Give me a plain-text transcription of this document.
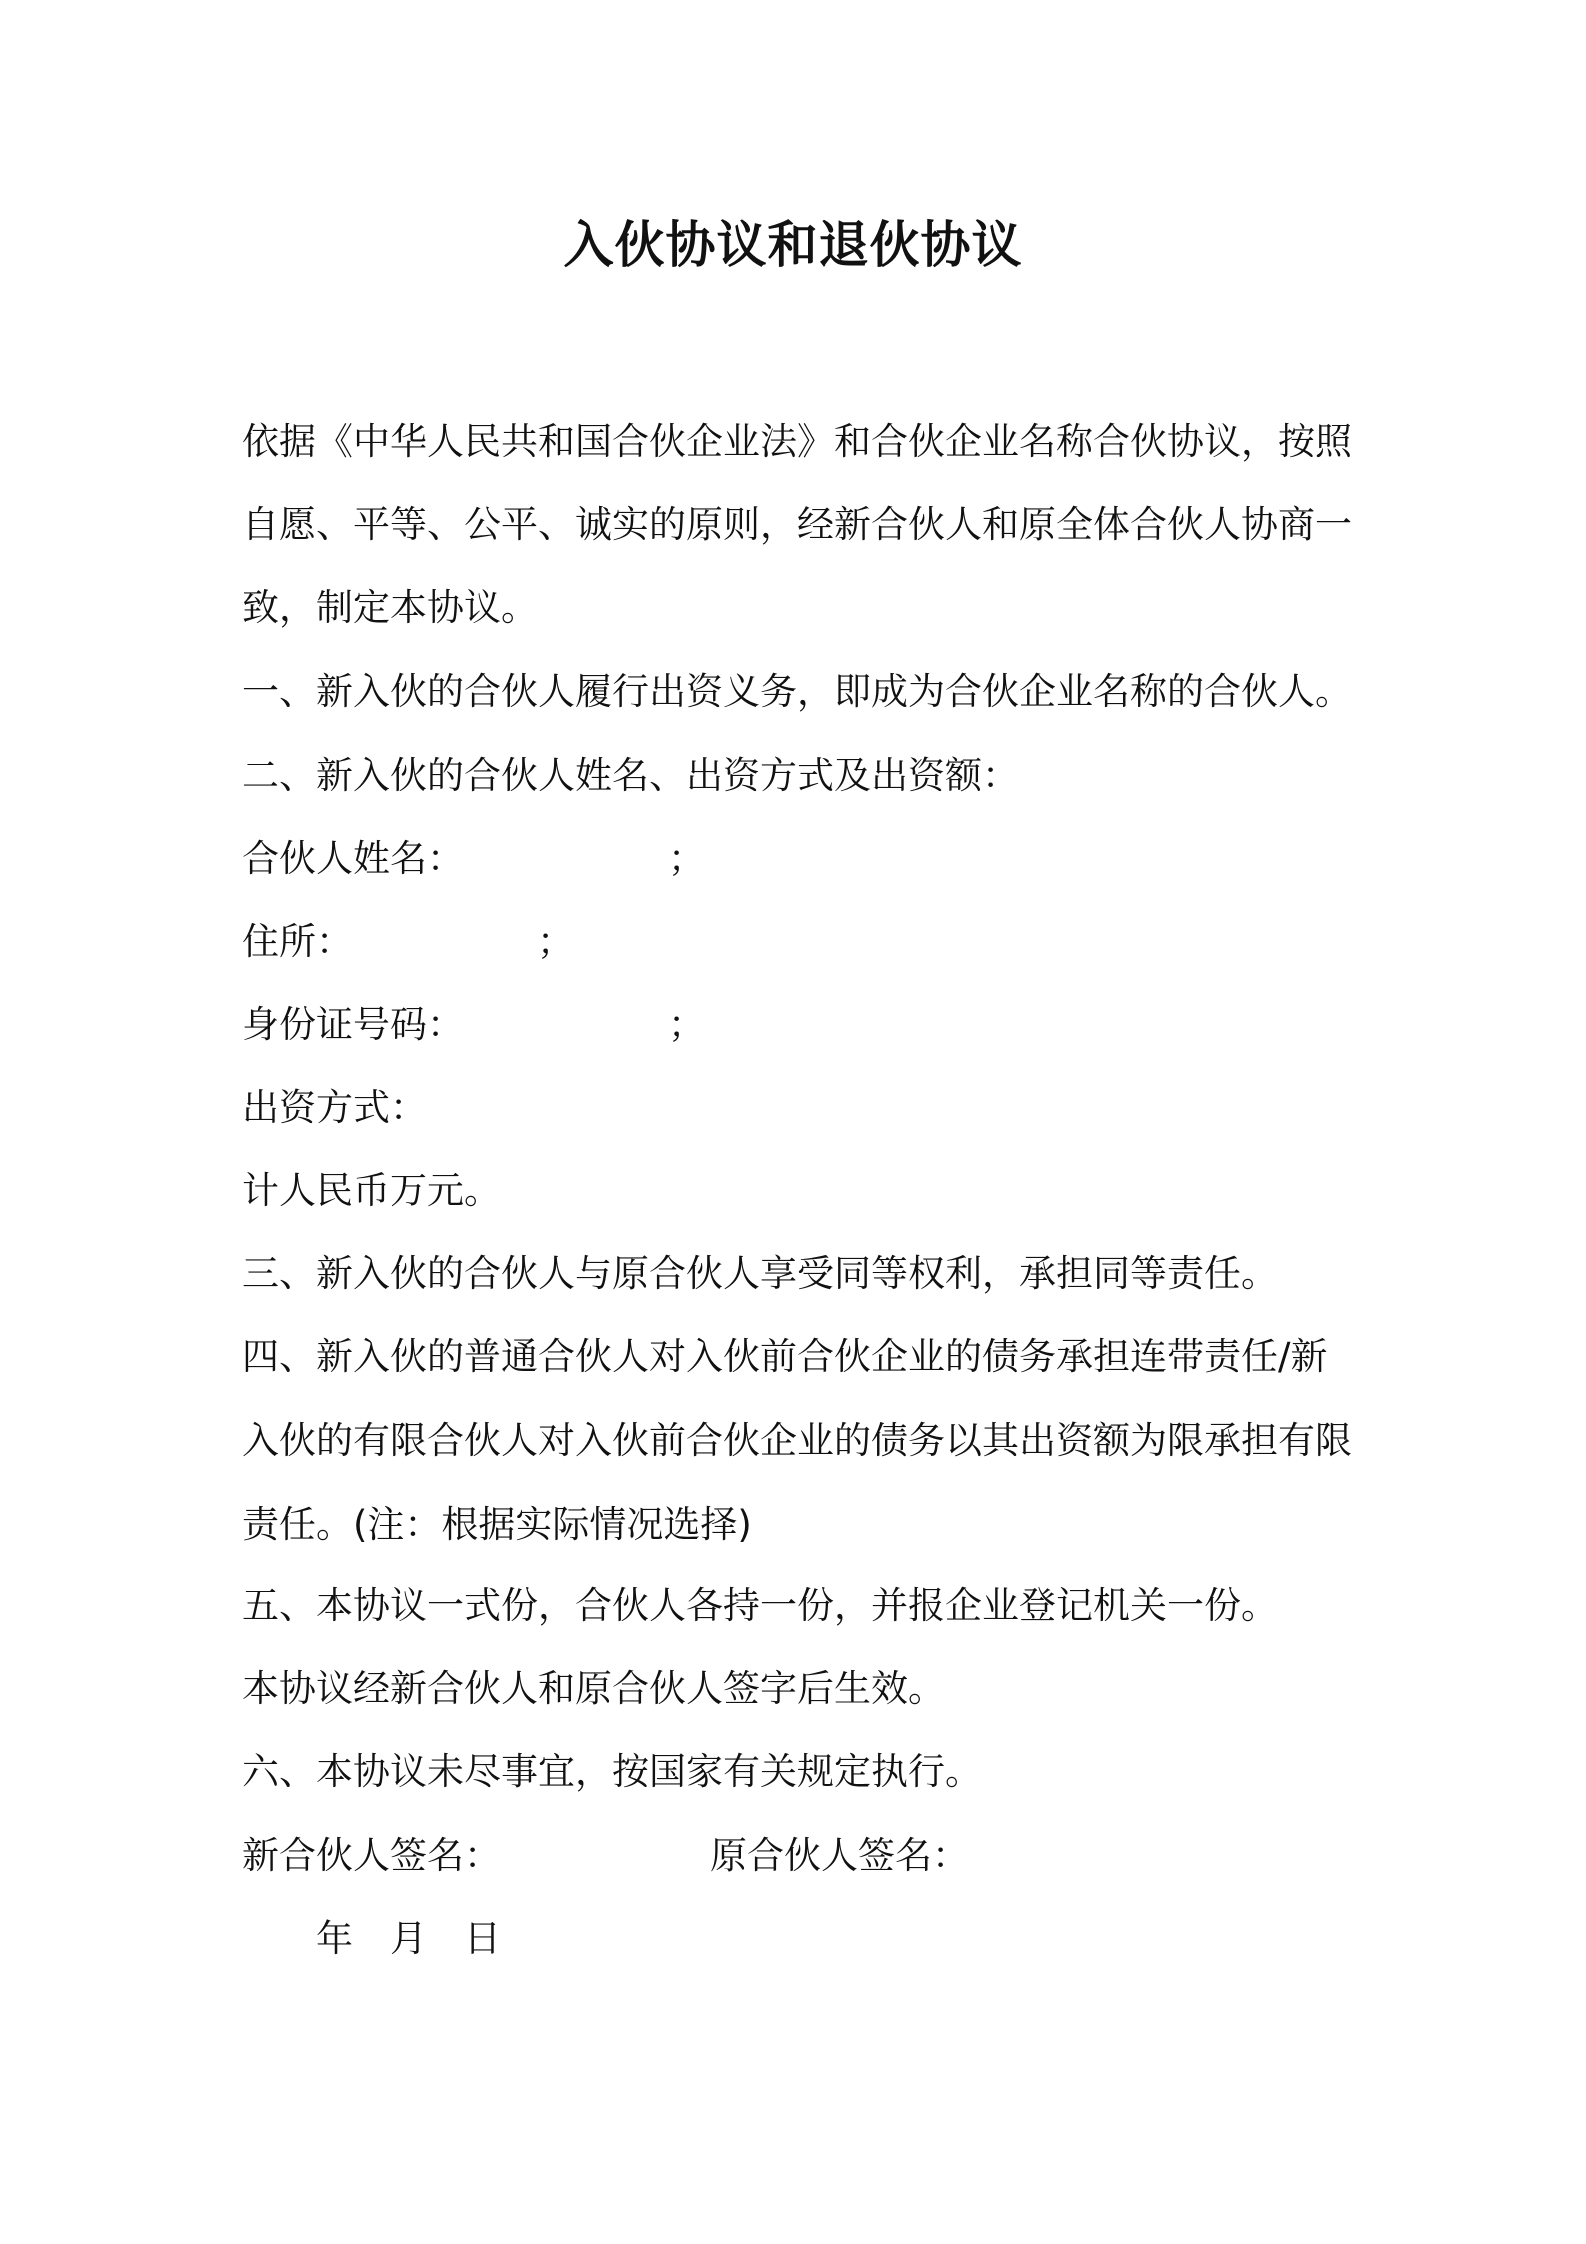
入伙协议和退伙协议
依据《中华人民共和国合伙企业法》和合伙企业名称合伙协议，按照自愿、平等、公平、诚实的原则，经新合伙人和原全体合伙人协商一致，制定本协议。
一、新入伙的合伙人履行出资义务，即成为合伙企业名称的合伙人。
二、新入伙的合伙人姓名、出资方式及出资额：
合伙人姓名：	；
住所：	；
身份证号码：	；
出资方式：
计人民币万元。
三、新入伙的合伙人与原合伙人享受同等权利，承担同等责任。
四、新入伙的普通合伙人对入伙前合伙企业的债务承担连带责任/新入伙的有限合伙人对入伙前合伙企业的债务以其出资额为限承担有限责任。(注：根据实际情况选择)
五、本协议一式份，合伙人各持一份，并报企业登记机关一份。
本协议经新合伙人和原合伙人签字后生效。
六、本协议未尽事宜，按国家有关规定执行。
新合伙人签名：	原合伙人签名：
年　月　日
